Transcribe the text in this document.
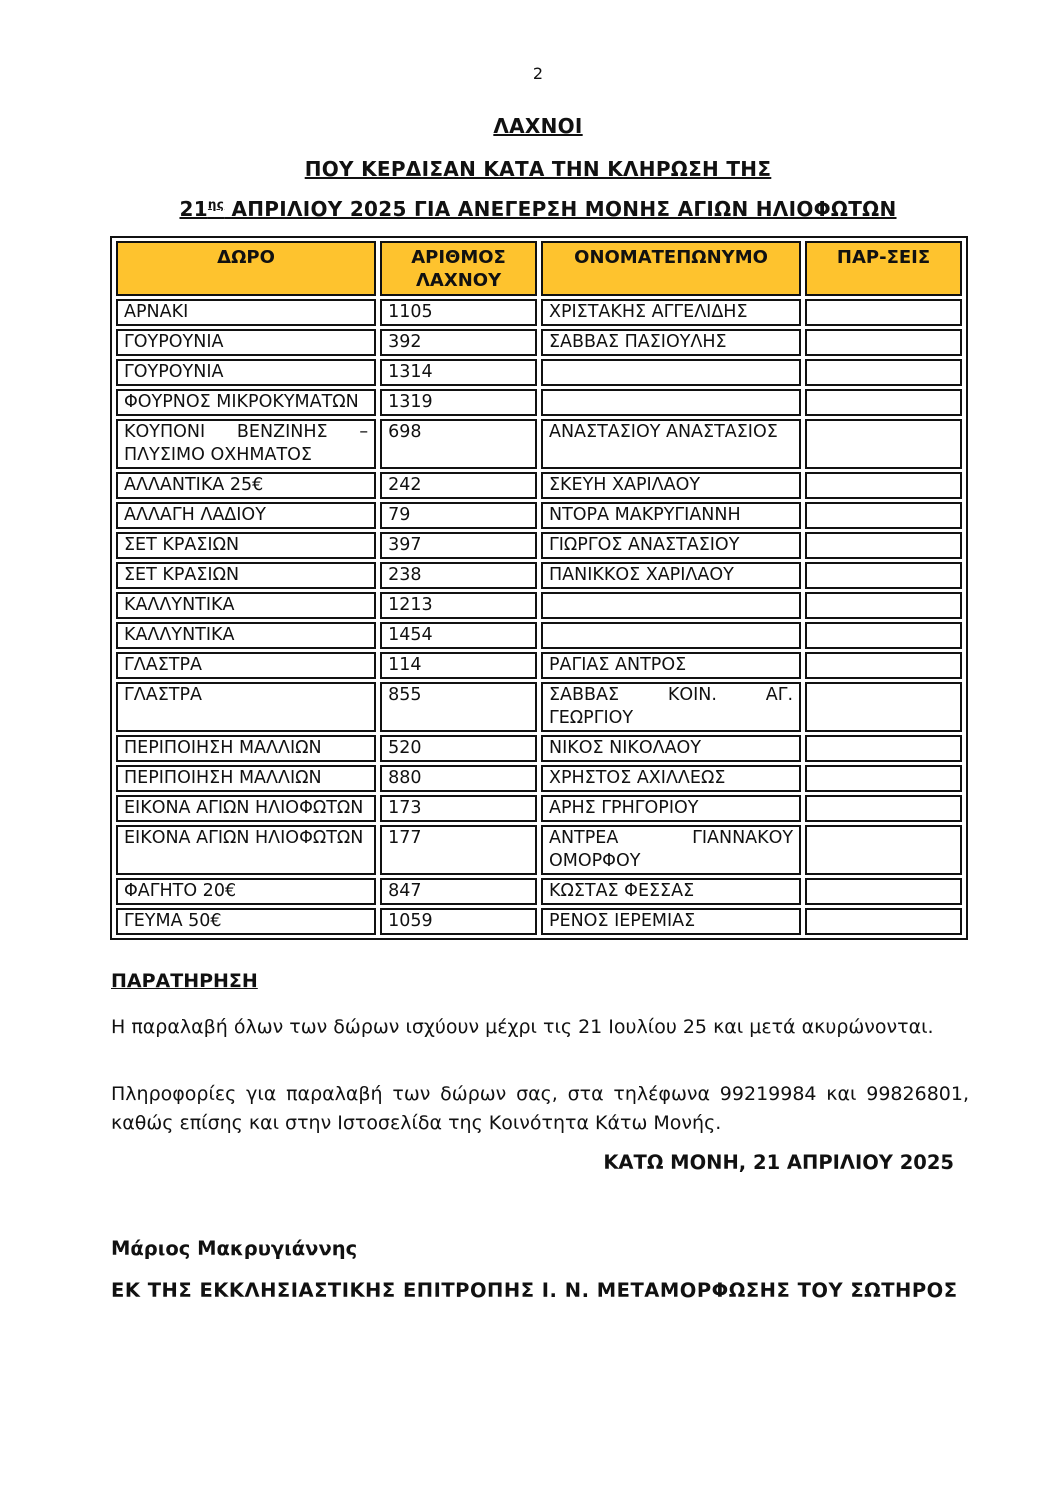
2
ΛΑΧΝΟΙ
ΠΟΥ ΚΕΡΔΙΣΑΝ ΚΑΤΑ ΤΗΝ ΚΛΗΡΩΣΗ ΤΗΣ
$21^{\eta\varsigma}$ ΑΠΡΙΛΙΟΥ 2025 ΓΙΑ ΑΝΕΓΕΡΣΗ ΜΟΝΗΣ ΑΓΙΩΝ ΗΛΙΟΦΩΤΩΝ
ΔΩΡΟ	ΑΡΙΘΜΟΣ ΛΑΧΝΟΥ	ΟΝΟΜΑΤΕΠΩΝΥΜΟ	ΠΑΡ-ΣΕΙΣ
ΑΡΝΑΚΙ	1105	ΧΡΙΣΤΑΚΗΣ ΑΓΓΕΛΙΔΗΣ	
ΓΟΥΡΟΥΝΙΑ	392	ΣΑΒΒΑΣ ΠΑΣΙΟΥΛΗΣ	
ΓΟΥΡΟΥΝΙΑ	1314		
ΦΟΥΡΝΟΣ ΜΙΚΡΟΚΥΜΑΤΩΝ	1319		
ΚΟΥΠΟΝΙ ΒΕΝΖΙΝΗΣ – ΠΛΥΣΙΜΟ ΟΧΗΜΑΤΟΣ	698	ΑΝΑΣΤΑΣΙΟΥ ΑΝΑΣΤΑΣΙΟΣ	
ΑΛΛΑΝΤΙΚΑ 25€	242	ΣΚΕΥΗ ΧΑΡΙΛΑΟΥ	
ΑΛΛΑΓΗ ΛΑΔΙΟΥ	79	ΝΤΟΡΑ ΜΑΚΡΥΓΙΑΝΝΗ	
ΣΕΤ ΚΡΑΣΙΩΝ	397	ΓΙΩΡΓΟΣ ΑΝΑΣΤΑΣΙΟΥ	
ΣΕΤ ΚΡΑΣΙΩΝ	238	ΠΑΝΙΚΚΟΣ ΧΑΡΙΛΑΟΥ	
ΚΑΛΛΥΝΤΙΚΑ	1213		
ΚΑΛΛΥΝΤΙΚΑ	1454		
ΓΛΑΣΤΡΑ	114	ΡΑΓΙΑΣ ΑΝΤΡΟΣ	
ΓΛΑΣΤΡΑ	855	ΣΑΒΒΑΣ ΚΟΙΝ. ΑΓ. ΓΕΩΡΓΙΟΥ	
ΠΕΡΙΠΟΙΗΣΗ ΜΑΛΛΙΩΝ	520	ΝΙΚΟΣ ΝΙΚΟΛΑΟΥ	
ΠΕΡΙΠΟΙΗΣΗ ΜΑΛΛΙΩΝ	880	ΧΡΗΣΤΟΣ ΑΧΙΛΛΕΩΣ	
ΕΙΚΟΝΑ ΑΓΙΩΝ ΗΛΙΟΦΩΤΩΝ	173	ΑΡΗΣ ΓΡΗΓΟΡΙΟΥ	
ΕΙΚΟΝΑ ΑΓΙΩΝ ΗΛΙΟΦΩΤΩΝ	177	ΑΝΤΡΕΑ ΓΙΑΝΝΑΚΟΥ ΟΜΟΡΦΟΥ	
ΦΑΓΗΤΟ 20€	847	ΚΩΣΤΑΣ ΦΕΣΣΑΣ	
ΓΕΥΜΑ 50€	1059	ΡΕΝΟΣ ΙΕΡΕΜΙΑΣ	
ΠΑΡΑΤΗΡΗΣΗ
Η παραλαβή όλων των δώρων ισχύουν μέχρι τις 21 Ιουλίου 25 και μετά ακυρώνονται.
Πληροφορίες για παραλαβή των δώρων σας, στα τηλέφωνα 99219984 και 99826801, καθώς επίσης και στην Ιστοσελίδα της Κοινότητα Κάτω Μονής.
ΚΑΤΩ ΜΟΝΗ, 21 ΑΠΡΙΛΙΟΥ 2025
Μάριος Μακρυγιάννης
ΕΚ ΤΗΣ ΕΚΚΛΗΣΙΑΣΤΙΚΗΣ ΕΠΙΤΡΟΠΗΣ Ι. Ν. ΜΕΤΑΜΟΡΦΩΣΗΣ ΤΟΥ ΣΩΤΗΡΟΣ
